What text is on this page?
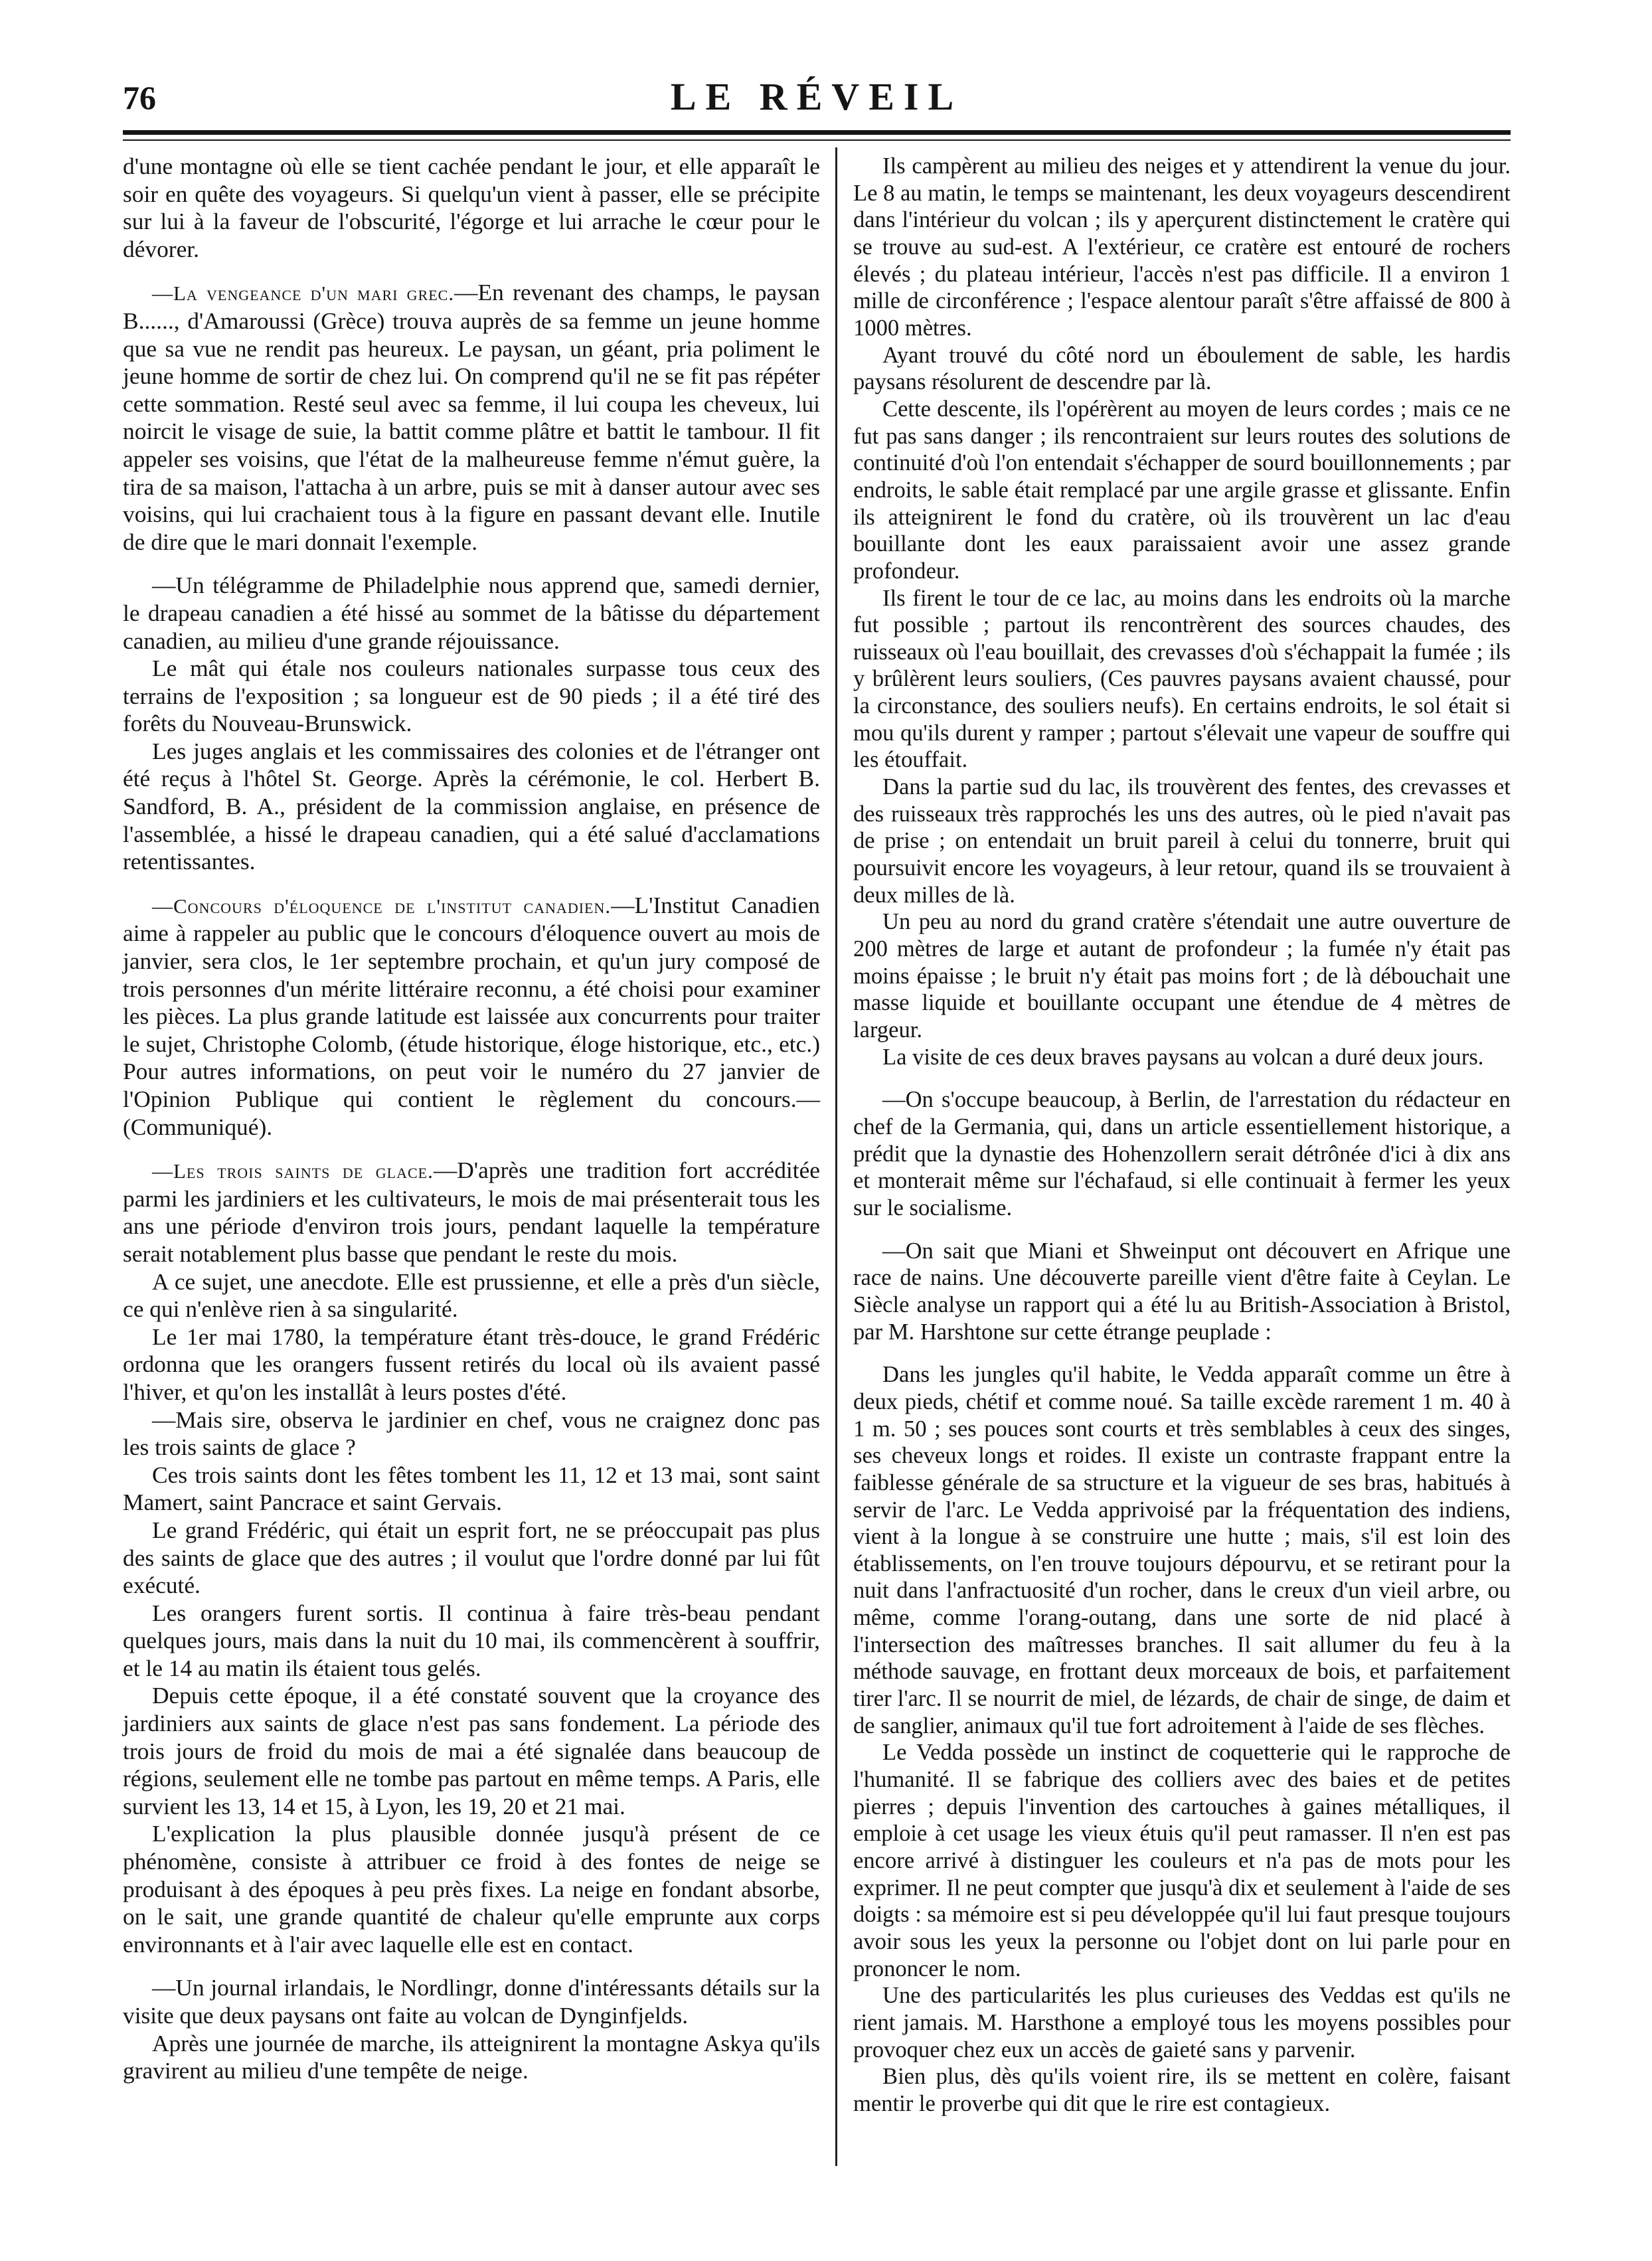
76	LE RÉVEIL

d'une montagne où elle se tient cachée pendant le jour, et elle apparaît le soir en quête des voyageurs. Si quelqu'un vient à passer, elle se précipite sur lui à la faveur de l'obscurité, l'égorge et lui arrache le cœur pour le dévorer.

—La vengeance d'un mari grec.—En revenant des champs, le paysan B......, d'Amaroussi (Grèce) trouva auprès de sa femme un jeune homme que sa vue ne rendit pas heureux. Le paysan, un géant, pria poliment le jeune homme de sortir de chez lui. On comprend qu'il ne se fit pas répéter cette sommation. Resté seul avec sa femme, il lui coupa les cheveux, lui noircit le visage de suie, la battit comme plâtre et battit le tambour. Il fit appeler ses voisins, que l'état de la malheureuse femme n'émut guère, la tira de sa maison, l'attacha à un arbre, puis se mit à danser autour avec ses voisins, qui lui crachaient tous à la figure en passant devant elle. Inutile de dire que le mari donnait l'exemple.

—Un télégramme de Philadelphie nous apprend que, samedi dernier, le drapeau canadien a été hissé au sommet de la bâtisse du département canadien, au milieu d'une grande réjouissance.

Le mât qui étale nos couleurs nationales surpasse tous ceux des terrains de l'exposition ; sa longueur est de 90 pieds ; il a été tiré des forêts du Nouveau-Brunswick.

Les juges anglais et les commissaires des colonies et de l'étranger ont été reçus à l'hôtel St. George. Après la cérémonie, le col. Herbert B. Sandford, B. A., président de la commission anglaise, en présence de l'assemblée, a hissé le drapeau canadien, qui a été salué d'acclamations retentissantes.

—Concours d'éloquence de l'institut canadien.—L'Institut Canadien aime à rappeler au public que le concours d'éloquence ouvert au mois de janvier, sera clos, le 1er septembre prochain, et qu'un jury composé de trois personnes d'un mérite littéraire reconnu, a été choisi pour examiner les pièces. La plus grande latitude est laissée aux concurrents pour traiter le sujet, Christophe Colomb, (étude historique, éloge historique, etc., etc.) Pour autres informations, on peut voir le numéro du 27 janvier de l'Opinion Publique qui contient le règlement du concours.—(Communiqué).

—Les trois saints de glace.—D'après une tradition fort accréditée parmi les jardiniers et les cultivateurs, le mois de mai présenterait tous les ans une période d'environ trois jours, pendant laquelle la température serait notablement plus basse que pendant le reste du mois.

A ce sujet, une anecdote. Elle est prussienne, et elle a près d'un siècle, ce qui n'enlève rien à sa singularité.

Le 1er mai 1780, la température étant très-douce, le grand Frédéric ordonna que les orangers fussent retirés du local où ils avaient passé l'hiver, et qu'on les installât à leurs postes d'été.

—Mais sire, observa le jardinier en chef, vous ne craignez donc pas les trois saints de glace ?

Ces trois saints dont les fêtes tombent les 11, 12 et 13 mai, sont saint Mamert, saint Pancrace et saint Gervais.

Le grand Frédéric, qui était un esprit fort, ne se préoccupait pas plus des saints de glace que des autres ; il voulut que l'ordre donné par lui fût exécuté.

Les orangers furent sortis. Il continua à faire très-beau pendant quelques jours, mais dans la nuit du 10 mai, ils commencèrent à souffrir, et le 14 au matin ils étaient tous gelés.

Depuis cette époque, il a été constaté souvent que la croyance des jardiniers aux saints de glace n'est pas sans fondement. La période des trois jours de froid du mois de mai a été signalée dans beaucoup de régions, seulement elle ne tombe pas partout en même temps. A Paris, elle survient les 13, 14 et 15, à Lyon, les 19, 20 et 21 mai.

L'explication la plus plausible donnée jusqu'à présent de ce phénomène, consiste à attribuer ce froid à des fontes de neige se produisant à des époques à peu près fixes. La neige en fondant absorbe, on le sait, une grande quantité de chaleur qu'elle emprunte aux corps environnants et à l'air avec laquelle elle est en contact.

—Un journal irlandais, le Nordlingr, donne d'intéressants détails sur la visite que deux paysans ont faite au volcan de Dynginfjelds.

Après une journée de marche, ils atteignirent la montagne Askya qu'ils gravirent au milieu d'une tempête de neige.

Ils campèrent au milieu des neiges et y attendirent la venue du jour. Le 8 au matin, le temps se maintenant, les deux voyageurs descendirent dans l'intérieur du volcan ; ils y aperçurent distinctement le cratère qui se trouve au sud-est. A l'extérieur, ce cratère est entouré de rochers élevés ; du plateau intérieur, l'accès n'est pas difficile. Il a environ 1 mille de circonférence ; l'espace alentour paraît s'être affaissé de 800 à 1000 mètres.

Ayant trouvé du côté nord un éboulement de sable, les hardis paysans résolurent de descendre par là.

Cette descente, ils l'opérèrent au moyen de leurs cordes ; mais ce ne fut pas sans danger ; ils rencontraient sur leurs routes des solutions de continuité d'où l'on entendait s'échapper de sourd bouillonnements ; par endroits, le sable était remplacé par une argile grasse et glissante. Enfin ils atteignirent le fond du cratère, où ils trouvèrent un lac d'eau bouillante dont les eaux paraissaient avoir une assez grande profondeur.

Ils firent le tour de ce lac, au moins dans les endroits où la marche fut possible ; partout ils rencontrèrent des sources chaudes, des ruisseaux où l'eau bouillait, des crevasses d'où s'échappait la fumée ; ils y brûlèrent leurs souliers, (Ces pauvres paysans avaient chaussé, pour la circonstance, des souliers neufs). En certains endroits, le sol était si mou qu'ils durent y ramper ; partout s'élevait une vapeur de souffre qui les étouffait.

Dans la partie sud du lac, ils trouvèrent des fentes, des crevasses et des ruisseaux très rapprochés les uns des autres, où le pied n'avait pas de prise ; on entendait un bruit pareil à celui du tonnerre, bruit qui poursuivit encore les voyageurs, à leur retour, quand ils se trouvaient à deux milles de là.

Un peu au nord du grand cratère s'étendait une autre ouverture de 200 mètres de large et autant de profondeur ; la fumée n'y était pas moins épaisse ; le bruit n'y était pas moins fort ; de là débouchait une masse liquide et bouillante occupant une étendue de 4 mètres de largeur.

La visite de ces deux braves paysans au volcan a duré deux jours.

—On s'occupe beaucoup, à Berlin, de l'arrestation du rédacteur en chef de la Germania, qui, dans un article essentiellement historique, a prédit que la dynastie des Hohenzollern serait détrônée d'ici à dix ans et monterait même sur l'échafaud, si elle continuait à fermer les yeux sur le socialisme.

—On sait que Miani et Shweinput ont découvert en Afrique une race de nains. Une découverte pareille vient d'être faite à Ceylan. Le Siècle analyse un rapport qui a été lu au British-Association à Bristol, par M. Harshtone sur cette étrange peuplade :

Dans les jungles qu'il habite, le Vedda apparaît comme un être à deux pieds, chétif et comme noué. Sa taille excède rarement 1 m. 40 à 1 m. 50 ; ses pouces sont courts et très semblables à ceux des singes, ses cheveux longs et roides. Il existe un contraste frappant entre la faiblesse générale de sa structure et la vigueur de ses bras, habitués à servir de l'arc. Le Vedda apprivoisé par la fréquentation des indiens, vient à la longue à se construire une hutte ; mais, s'il est loin des établissements, on l'en trouve toujours dépourvu, et se retirant pour la nuit dans l'anfractuosité d'un rocher, dans le creux d'un vieil arbre, ou même, comme l'orang-outang, dans une sorte de nid placé à l'intersection des maîtresses branches. Il sait allumer du feu à la méthode sauvage, en frottant deux morceaux de bois, et parfaitement tirer l'arc. Il se nourrit de miel, de lézards, de chair de singe, de daim et de sanglier, animaux qu'il tue fort adroitement à l'aide de ses flèches.

Le Vedda possède un instinct de coquetterie qui le rapproche de l'humanité. Il se fabrique des colliers avec des baies et de petites pierres ; depuis l'invention des cartouches à gaines métalliques, il emploie à cet usage les vieux étuis qu'il peut ramasser. Il n'en est pas encore arrivé à distinguer les couleurs et n'a pas de mots pour les exprimer. Il ne peut compter que jusqu'à dix et seulement à l'aide de ses doigts : sa mémoire est si peu développée qu'il lui faut presque toujours avoir sous les yeux la personne ou l'objet dont on lui parle pour en prononcer le nom.

Une des particularités les plus curieuses des Veddas est qu'ils ne rient jamais. M. Harsthone a employé tous les moyens possibles pour provoquer chez eux un accès de gaieté sans y parvenir.

Bien plus, dès qu'ils voient rire, ils se mettent en colère, faisant mentir le proverbe qui dit que le rire est contagieux.
